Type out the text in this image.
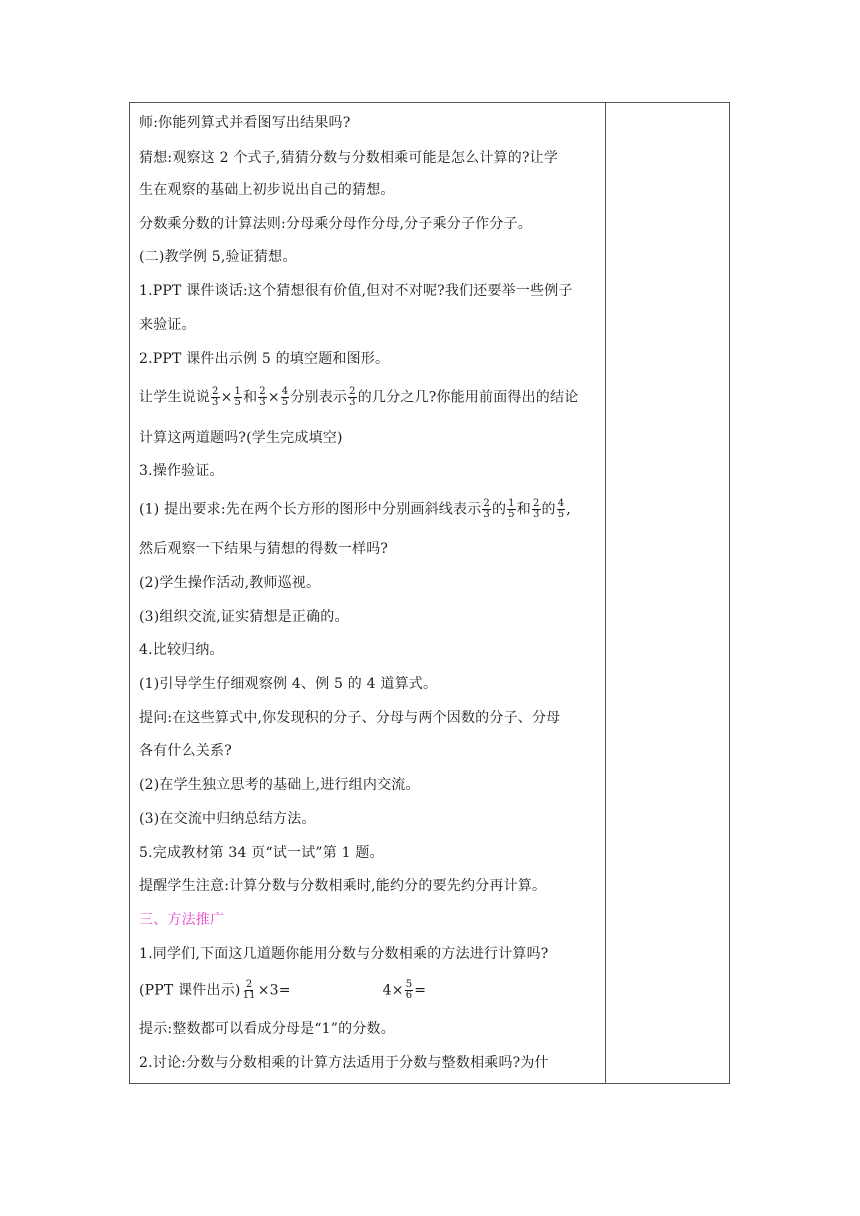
师:你能列算式并看图写出结果吗?
猜想:观察这 2 个式子,猜猜分数与分数相乘可能是怎么计算的?让学
生在观察的基础上初步说出自己的猜想。
分数乘分数的计算法则:分母乘分母作分母,分子乘分子作分子。
(二)教学例 5,验证猜想。
1.PPT 课件谈话:这个猜想很有价值,但对不对呢?我们还要举一些例子
来验证。
2.PPT 课件出示例 5 的填空题和图形。
让学生说说 $\frac{2}{3} \times \frac{1}{5}$ 和 $\frac{2}{3} \times \frac{4}{5}$ 分别表示 $\frac{2}{3}$ 的几分之几?你能用前面得出的结论
计算这两道题吗?(学生完成填空)
3.操作验证。
(1) 提出要求:先在两个长方形的图形中分别画斜线表示 $\frac{2}{3}$ 的 $\frac{1}{5}$ 和 $\frac{2}{3}$ 的 $\frac{4}{5}$ ,
然后观察一下结果与猜想的得数一样吗?
(2)学生操作活动,教师巡视。
(3)组织交流,证实猜想是正确的。
4.比较归纳。
(1)引导学生仔细观察例 4、例 5 的 4 道算式。
提问:在这些算式中,你发现积的分子、分母与两个因数的分子、分母
各有什么关系?
(2)在学生独立思考的基础上,进行组内交流。
(3)在交流中归纳总结方法。
5.完成教材第 34 页“试一试”第 1 题。
提醒学生注意:计算分数与分数相乘时,能约分的要先约分再计算。
三、方法推广
1.同学们,下面这几道题你能用分数与分数相乘的方法进行计算吗?
(PPT 课件出示) $\frac{2}{11} \times 3=$	$4\times \frac{5}{6}$ =
提示:整数都可以看成分母是“1”的分数。
2.讨论:分数与分数相乘的计算方法适用于分数与整数相乘吗?为什
